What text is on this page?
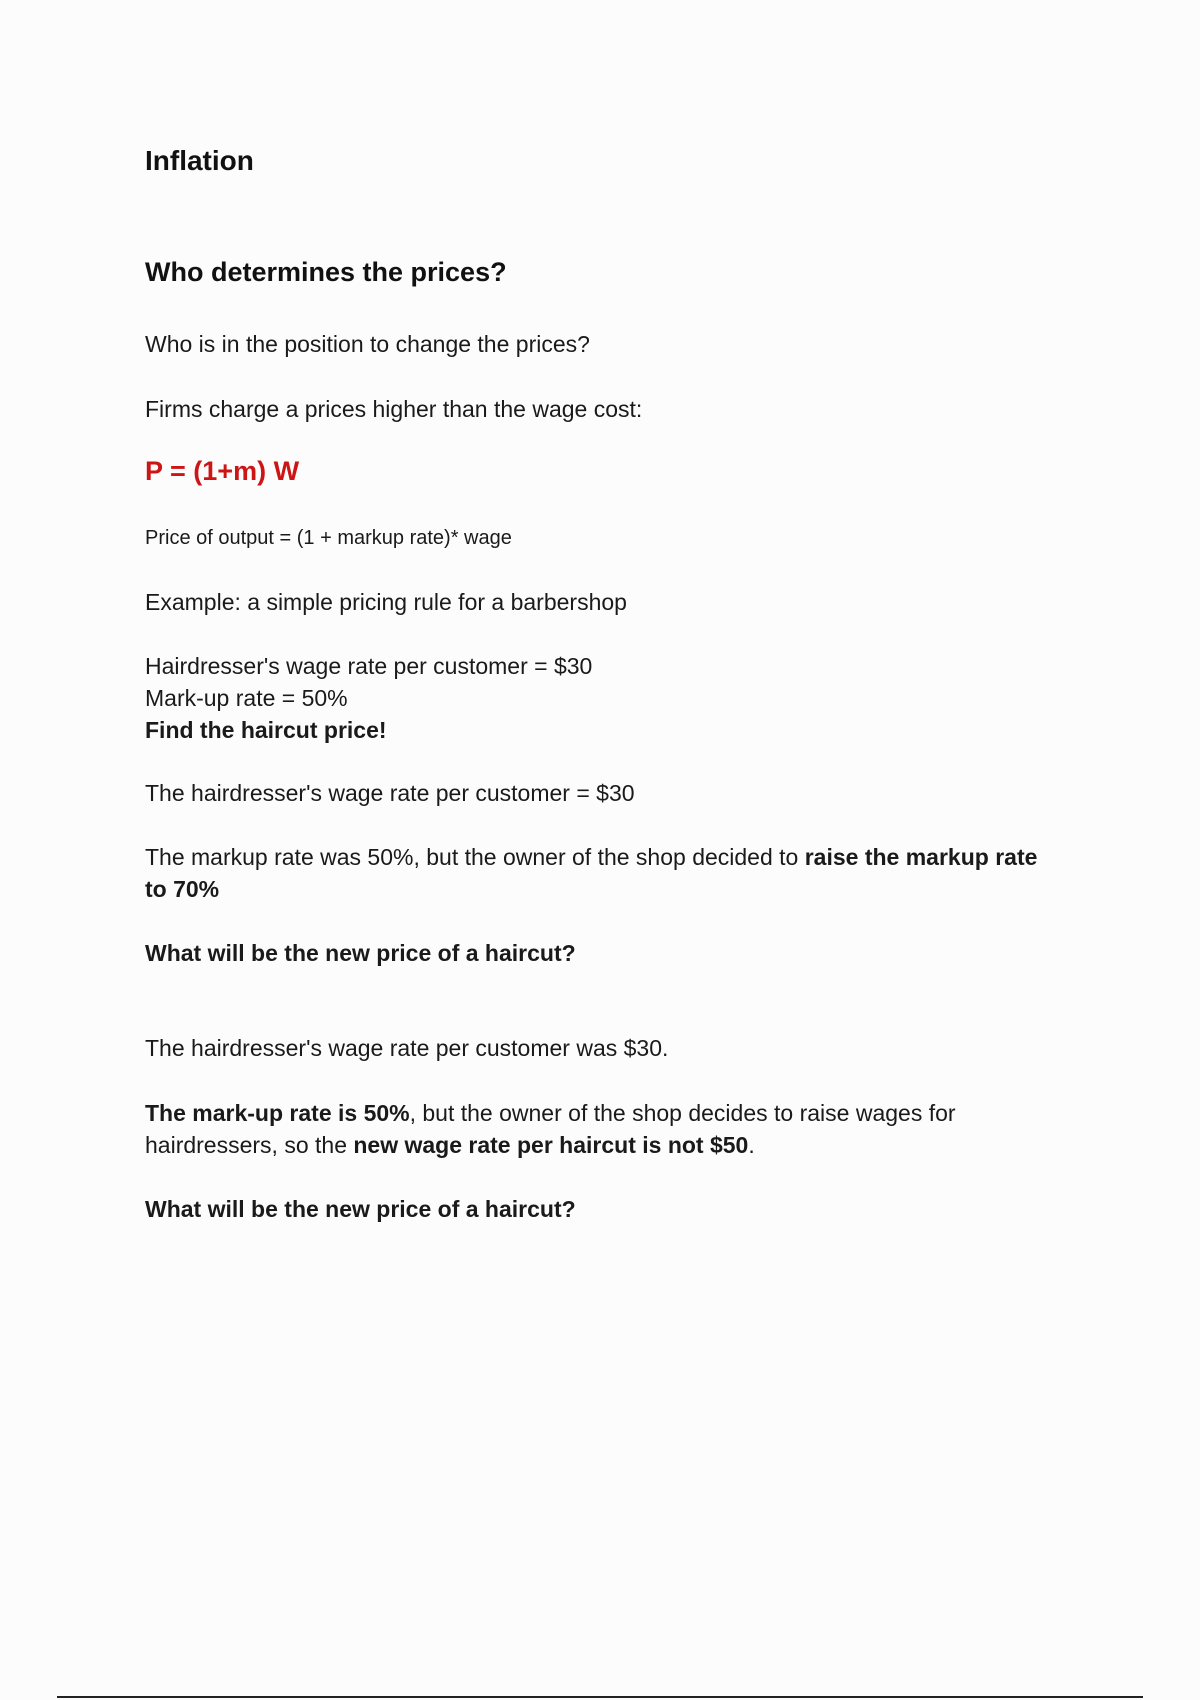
Inflation
Who determines the prices?

Who is in the position to change the prices?

Firms charge a prices higher than the wage cost:

P = (1+m) W

Price of output = (1 + markup rate)* wage

Example: a simple pricing rule for a barbershop

Hairdresser's wage rate per customer = $30

Mark-up rate = 50%

Find the haircut price!

The hairdresser's wage rate per customer = $30

The markup rate was 50%, but the owner of the shop decided to raise the markup rate

to 70%

What will be the new price of a haircut?

The hairdresser's wage rate per customer was $30.

The mark-up rate is 50%, but the owner of the shop decides to raise wages for

hairdressers, so the new wage rate per haircut is not $50.

What will be the new price of a haircut?
